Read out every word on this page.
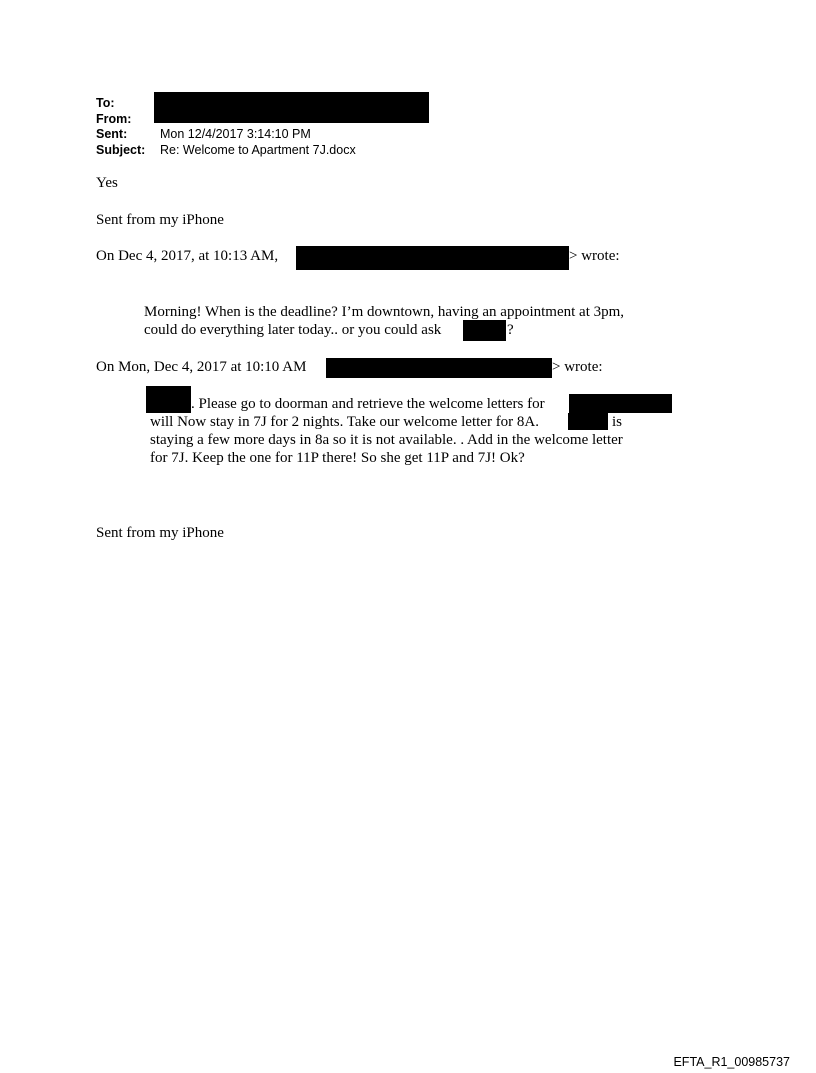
To:
From:
Sent:	Mon 12/4/2017 3:14:10 PM
Subject:	Re: Welcome to Apartment 7J.docx
Yes
Sent from my iPhone
On Dec 4, 2017, at 10:13 AM,	> wrote:
Morning! When is the deadline? I’m downtown, having an appointment at 3pm,
could do everything later today.. or you could ask	?
On Mon, Dec 4, 2017 at 10:10 AM	> wrote:
. Please go to doorman and retrieve the welcome letters for
will Now stay in 7J for 2 nights. Take our welcome letter for 8A.	is
staying a few more days in 8a so it is not available. . Add in the welcome letter
for 7J. Keep the one for 11P there! So she get 11P and 7J! Ok?
Sent from my iPhone
EFTA_R1_00985737
